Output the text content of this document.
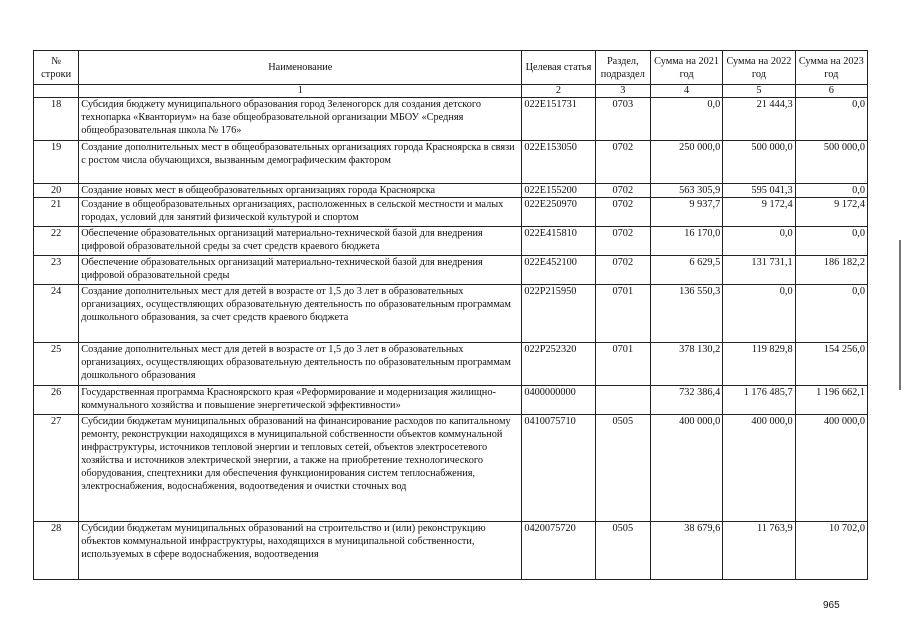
№ строки	Наименование	Целевая статья	Раздел, подраздел	Сумма на 2021 год	Сумма на 2022 год	Сумма на 2023 год
	1	2	3	4	5	6
18	Субсидия бюджету муниципального образования город Зеленогорск для создания детского технопарка «Кванториум» на базе общеобразовательной организации МБОУ «Средняя общеобразовательная школа № 176»	022E151731	0703	0,0	21 444,3	0,0
19	Создание дополнительных мест в общеобразовательных организациях города Красноярска в связи с ростом числа обучающихся, вызванным демографическим фактором	022E153050	0702	250 000,0	500 000,0	500 000,0
20	Создание новых мест в общеобразовательных организациях города Красноярска	022E155200	0702	563 305,9	595 041,3	0,0
21	Создание в общеобразовательных организациях, расположенных в сельской местности и малых городах, условий для занятий физической культурой и спортом	022E250970	0702	9 937,7	9 172,4	9 172,4
22	Обеспечение образовательных организаций материально-технической базой для внедрения цифровой образовательной среды за счет средств краевого бюджета	022E415810	0702	16 170,0	0,0	0,0
23	Обеспечение образовательных организаций материально-технической базой для внедрения цифровой образовательной среды	022E452100	0702	6 629,5	131 731,1	186 182,2
24	Создание дополнительных мест для детей в возрасте от 1,5 до 3 лет в образовательных организациях, осуществляющих образовательную деятельность по образовательным программам дошкольного образования, за счет средств краевого бюджета	022P215950	0701	136 550,3	0,0	0,0
25	Создание дополнительных мест для детей в возрасте от 1,5 до 3 лет в образовательных организациях, осуществляющих образовательную деятельность по образовательным программам дошкольного образования	022P252320	0701	378 130,2	119 829,8	154 256,0
26	Государственная программа Красноярского края «Реформирование и модернизация жилищно-коммунального хозяйства и повышение энергетической эффективности»	0400000000		732 386,4	1 176 485,7	1 196 662,1
27	Субсидии бюджетам муниципальных образований на финансирование расходов по капитальному ремонту, реконструкции находящихся в муниципальной собственности объектов коммунальной инфраструктуры, источников тепловой энергии и тепловых сетей, объектов электросетевого хозяйства и источников электрической энергии, а также на приобретение технологического оборудования, спецтехники для обеспечения функционирования систем теплоснабжения, электроснабжения, водоснабжения, водоотведения и очистки сточных вод	0410075710	0505	400 000,0	400 000,0	400 000,0
28	Субсидии бюджетам муниципальных образований на строительство и (или) реконструкцию объектов коммунальной инфраструктуры, находящихся в муниципальной собственности, используемых в сфере водоснабжения, водоотведения	0420075720	0505	38 679,6	11 763,9	10 702,0
965
